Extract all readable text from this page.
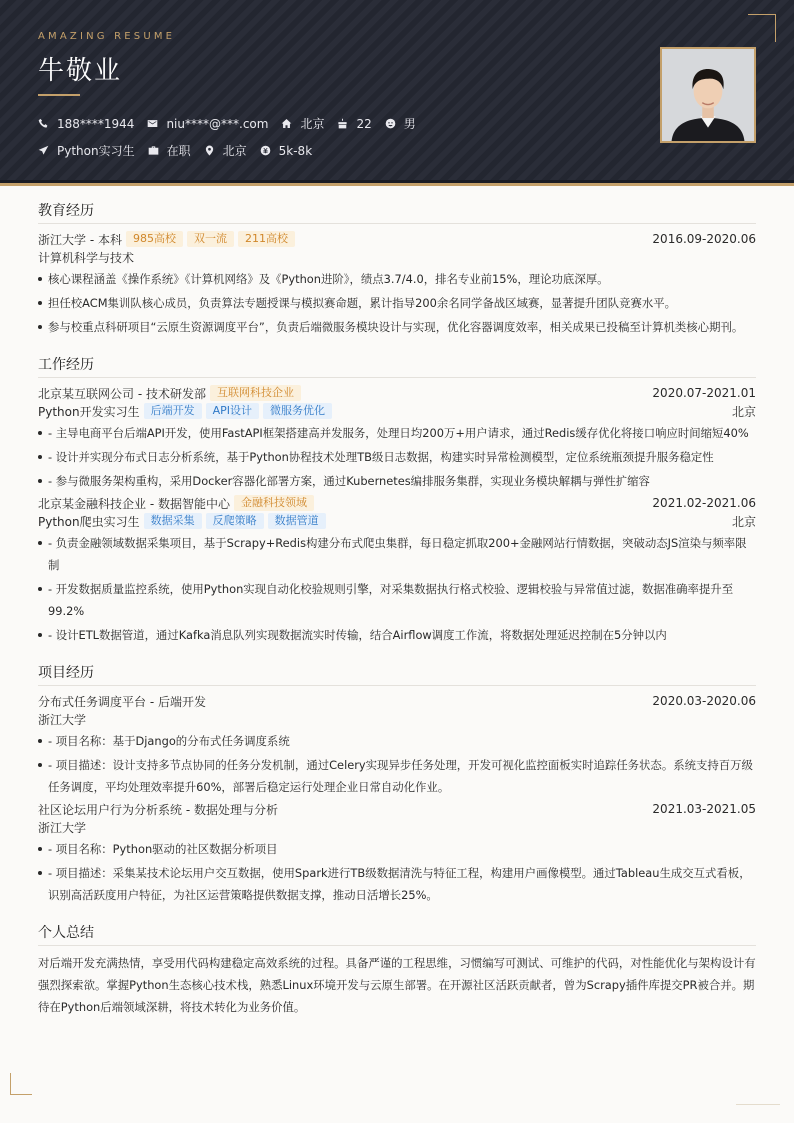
AMAZING RESUME
牛敬业
188****1944	niu****@***.com	北京	22	男
Python实习生	在职	北京	5k-8k
教育经历
浙江大学 - 本科	985高校	双一流	211高校	2016.09-2020.06
计算机科学与技术
核心课程涵盖《操作系统》《计算机网络》及《Python进阶》，绩点3.7/4.0，排名专业前15%，理论功底深厚。
担任校ACM集训队核心成员，负责算法专题授课与模拟赛命题，累计指导200余名同学备战区域赛，显著提升团队竞赛水平。
参与校重点科研项目“云原生资源调度平台”，负责后端微服务模块设计与实现，优化容器调度效率，相关成果已投稿至计算机类核心期刊。
工作经历
北京某互联网公司 - 技术研发部	互联网科技企业	2020.07-2021.01
Python开发实习生	后端开发	API设计	微服务优化	北京
- 主导电商平台后端API开发，使用FastAPI框架搭建高并发服务，处理日均200万+用户请求，通过Redis缓存优化将接口响应时间缩短40%
- 设计并实现分布式日志分析系统，基于Python协程技术处理TB级日志数据，构建实时异常检测模型，定位系统瓶颈提升服务稳定性
- 参与微服务架构重构，采用Docker容器化部署方案，通过Kubernetes编排服务集群，实现业务模块解耦与弹性扩缩容
北京某金融科技企业 - 数据智能中心	金融科技领域	2021.02-2021.06
Python爬虫实习生	数据采集	反爬策略	数据管道	北京
- 负责金融领域数据采集项目，基于Scrapy+Redis构建分布式爬虫集群，每日稳定抓取200+金融网站行情数据，突破动态JS渲染与频率限制
- 开发数据质量监控系统，使用Python实现自动化校验规则引擎，对采集数据执行格式校验、逻辑校验与异常值过滤，数据准确率提升至99.2%
- 设计ETL数据管道，通过Kafka消息队列实现数据流实时传输，结合Airflow调度工作流，将数据处理延迟控制在5分钟以内
项目经历
分布式任务调度平台 - 后端开发	2020.03-2020.06
浙江大学
- 项目名称：基于Django的分布式任务调度系统
- 项目描述：设计支持多节点协同的任务分发机制，通过Celery实现异步任务处理，开发可视化监控面板实时追踪任务状态。系统支持百万级任务调度，平均处理效率提升60%，部署后稳定运行处理企业日常自动化作业。
社区论坛用户行为分析系统 - 数据处理与分析	2021.03-2021.05
浙江大学
- 项目名称：Python驱动的社区数据分析项目
- 项目描述：采集某技术论坛用户交互数据，使用Spark进行TB级数据清洗与特征工程，构建用户画像模型。通过Tableau生成交互式看板，识别高活跃度用户特征，为社区运营策略提供数据支撑，推动日活增长25%。
个人总结
对后端开发充满热情，享受用代码构建稳定高效系统的过程。具备严谨的工程思维，习惯编写可测试、可维护的代码，对性能优化与架构设计有强烈探索欲。掌握Python生态核心技术栈，熟悉Linux环境开发与云原生部署。在开源社区活跃贡献者，曾为Scrapy插件库提交PR被合并。期待在Python后端领域深耕，将技术转化为业务价值。
